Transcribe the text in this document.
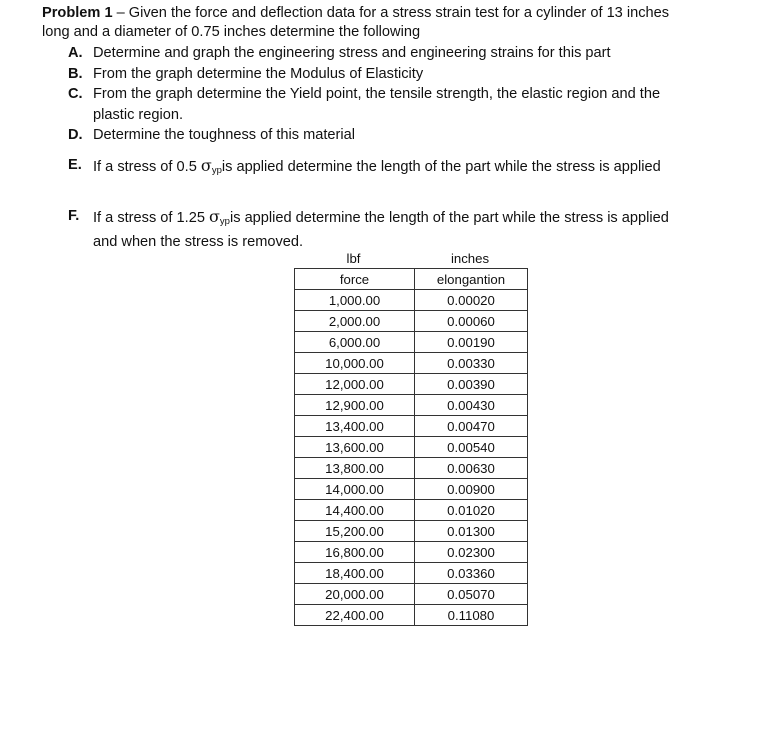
Problem 1 – Given the force and deflection data for a stress strain test for a cylinder of 13 inches long and a diameter of 0.75 inches determine the following
A. Determine and graph the engineering stress and engineering strains for this part
B. From the graph determine the Modulus of Elasticity
C. From the graph determine the Yield point, the tensile strength, the elastic region and the plastic region.
D. Determine the toughness of this material
E. If a stress of 0.5 $\sigma_{yp}is$ applied determine the length of the part while the stress is applied
F. If a stress of 1.25 $\sigma_{yp}is$ applied determine the length of the part while the stress is applied and when the stress is removed.
lbf	inches
force	elongantion
1,000.00	0.00020
2,000.00	0.00060
6,000.00	0.00190
10,000.00	0.00330
12,000.00	0.00390
12,900.00	0.00430
13,400.00	0.00470
13,600.00	0.00540
13,800.00	0.00630
14,000.00	0.00900
14,400.00	0.01020
15,200.00	0.01300
16,800.00	0.02300
18,400.00	0.03360
20,000.00	0.05070
22,400.00	0.11080
